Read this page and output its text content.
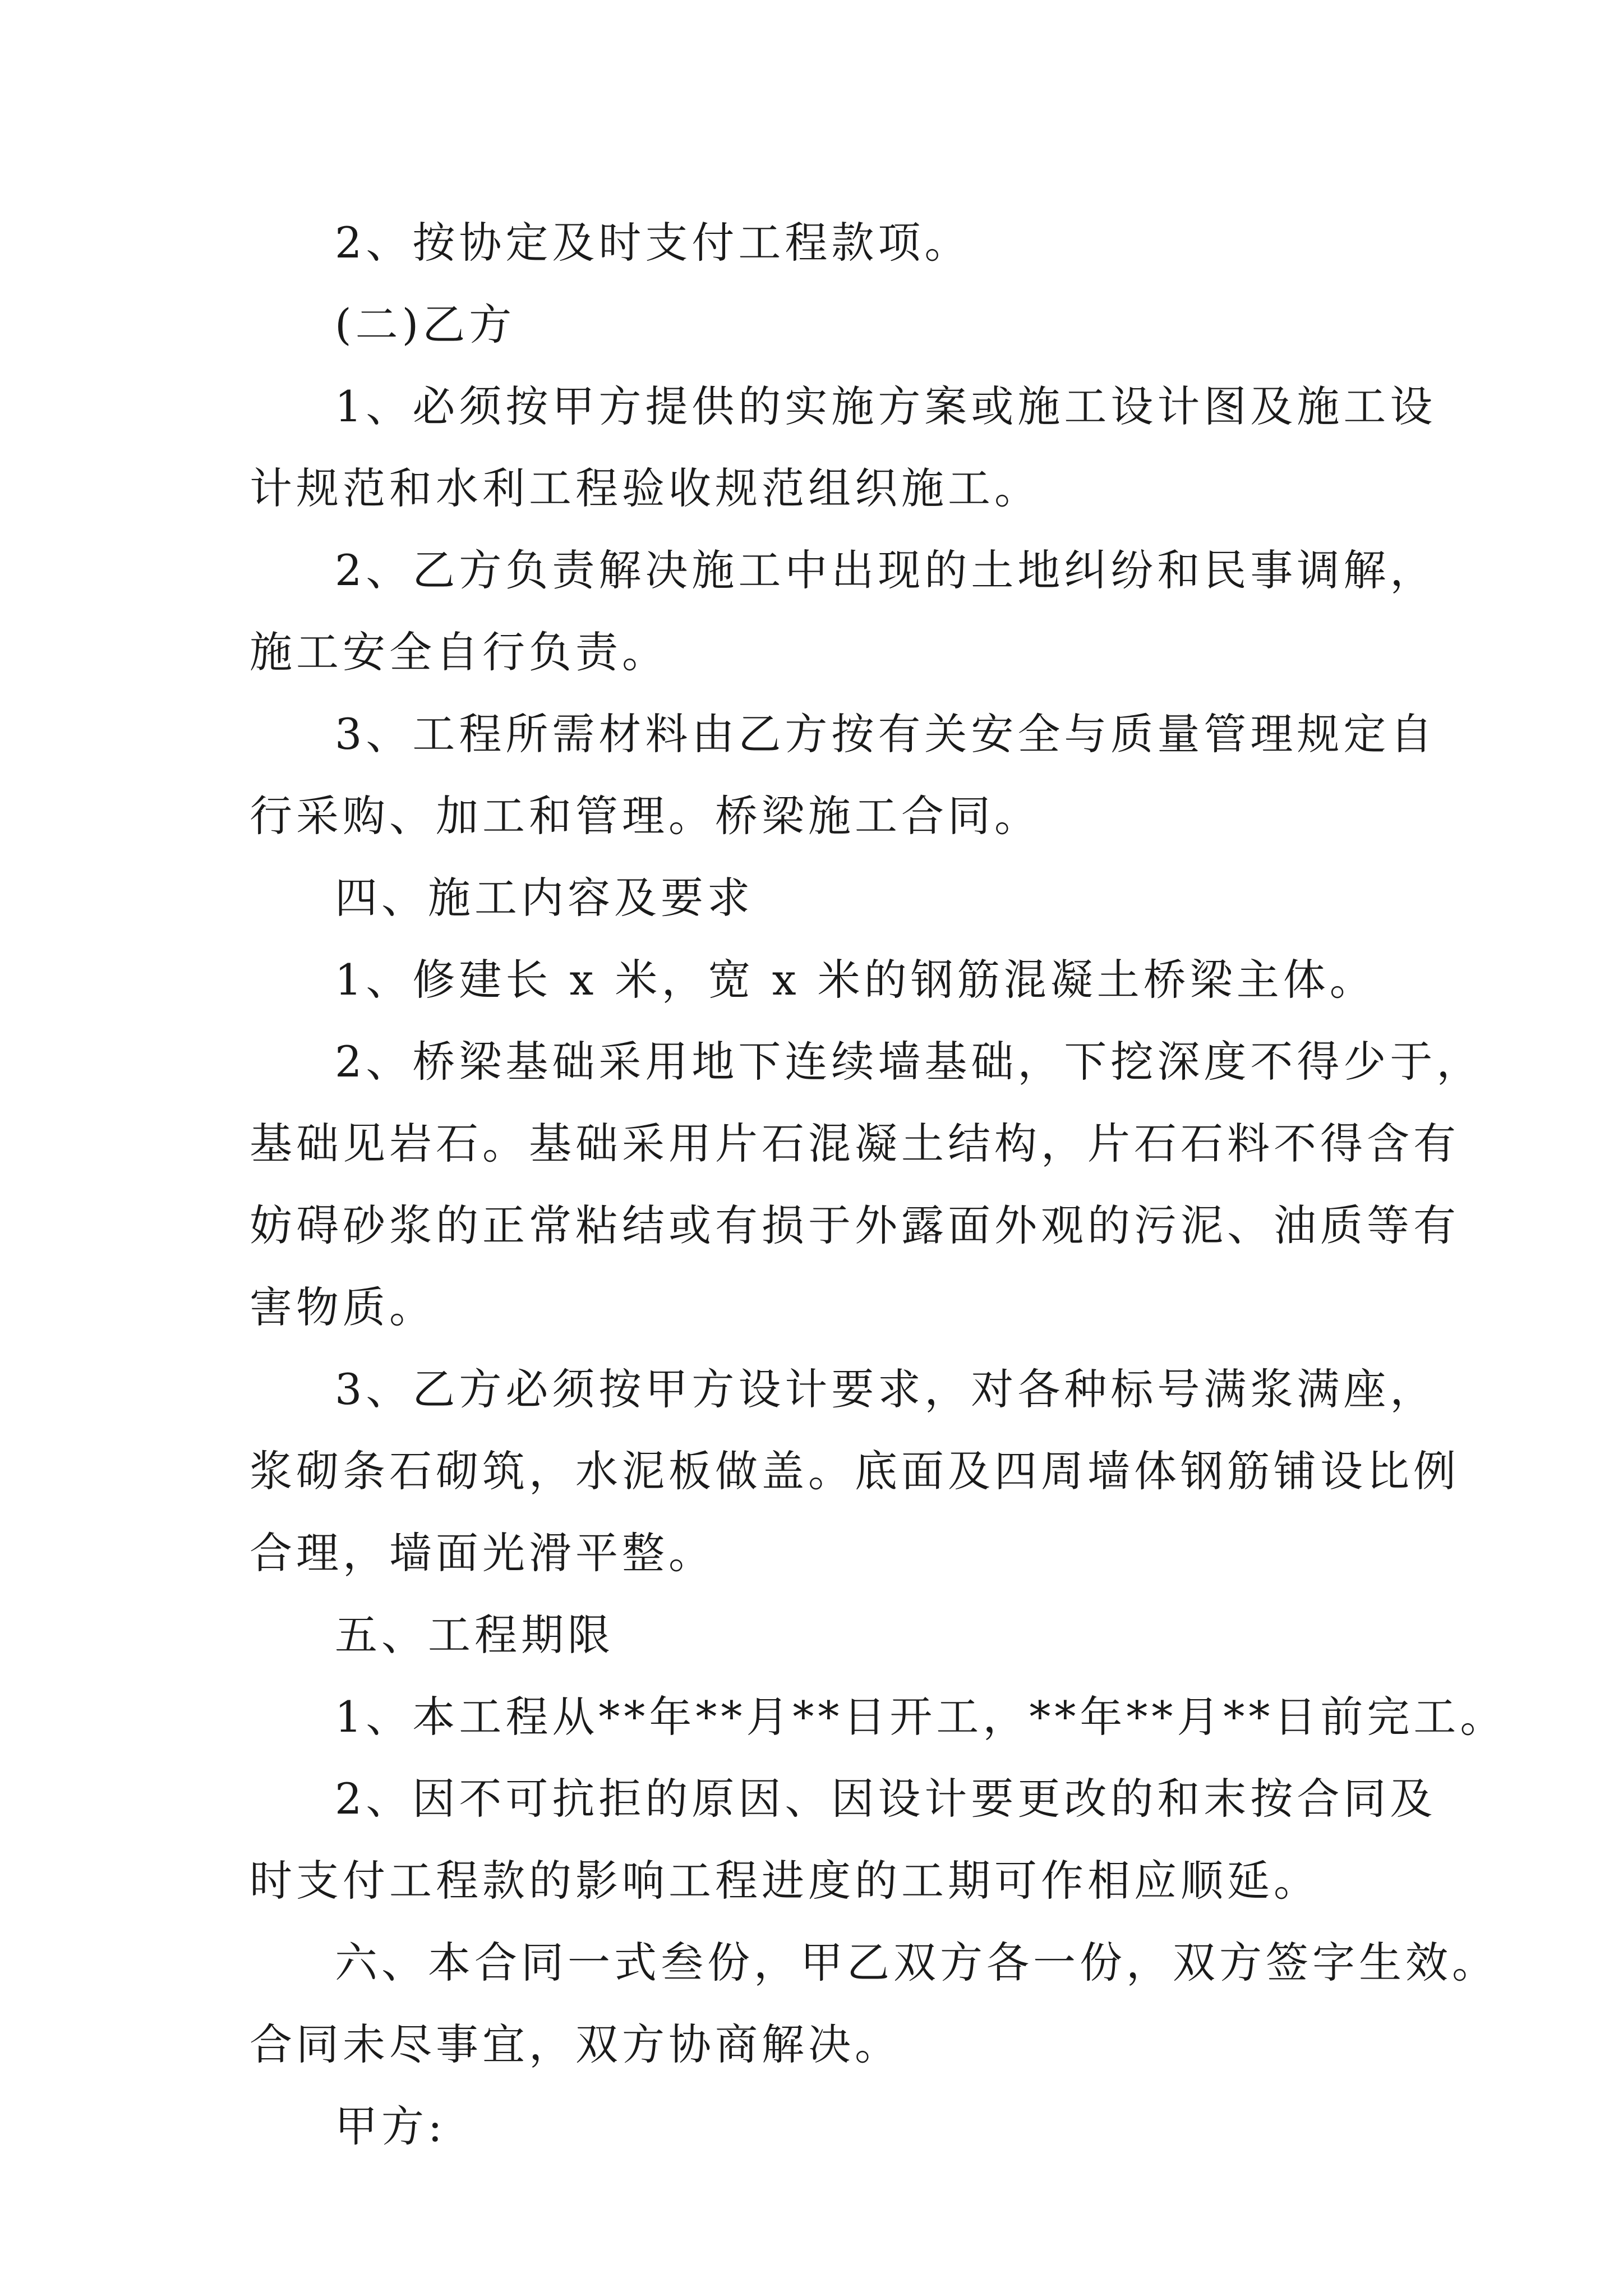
2、按协定及时支付工程款项。
(二)乙方
1、必须按甲方提供的实施方案或施工设计图及施工设
计规范和水利工程验收规范组织施工。
2、乙方负责解决施工中出现的土地纠纷和民事调解，
施工安全自行负责。
3、工程所需材料由乙方按有关安全与质量管理规定自
行采购、加工和管理。桥梁施工合同。
四、施工内容及要求
1、修建长 x 米，宽 x 米的钢筋混凝土桥梁主体。
2、桥梁基础采用地下连续墙基础，下挖深度不得少于，
基础见岩石。基础采用片石混凝土结构，片石石料不得含有
妨碍砂浆的正常粘结或有损于外露面外观的污泥、油质等有
害物质。
3、乙方必须按甲方设计要求，对各种标号满浆满座，
浆砌条石砌筑，水泥板做盖。底面及四周墙体钢筋铺设比例
合理，墙面光滑平整。
五、工程期限
1、本工程从**年**月**日开工，**年**月**日前完工。
2、因不可抗拒的原因、因设计要更改的和末按合同及
时支付工程款的影响工程进度的工期可作相应顺延。
六、本合同一式叁份，甲乙双方各一份，双方签字生效。
合同未尽事宜，双方协商解决。
甲方:
